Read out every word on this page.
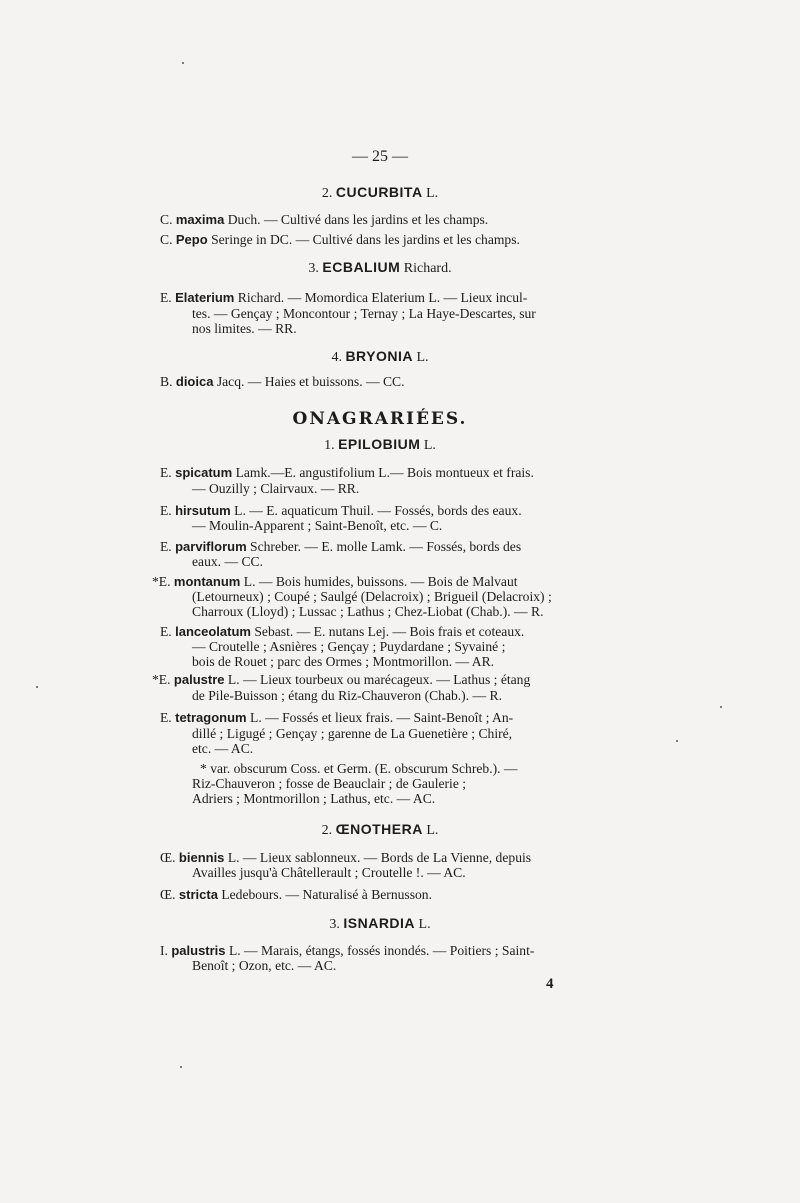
— 25 —
2. CUCURBITA L.
C. maxima Duch. — Cultivé dans les jardins et les champs.
C. Pepo Seringe in DC. — Cultivé dans les jardins et les champs.
3. ECBALIUM Richard.
E. Elaterium Richard. — Momordica Elaterium L. — Lieux incul-
tes. — Gençay ; Moncontour ; Ternay ; La Haye-Descartes, sur
nos limites. — RR.
4. BRYONIA L.
B. dioica Jacq. — Haies et buissons. — CC.
ONAGRARIÉES.
1. EPILOBIUM L.
E. spicatum Lamk.—E. angustifolium L.— Bois montueux et frais.
— Ouzilly ; Clairvaux. — RR.
E. hirsutum L. — E. aquaticum Thuil. — Fossés, bords des eaux.
— Moulin-Apparent ; Saint-Benoît, etc. — C.
E. parviflorum Schreber. — E. molle Lamk. — Fossés, bords des
eaux. — CC.
*E. montanum L. — Bois humides, buissons. — Bois de Malvaut
(Letourneux) ; Coupé ; Saulgé (Delacroix) ; Brigueil (Delacroix) ;
Charroux (Lloyd) ; Lussac ; Lathus ; Chez-Liobat (Chab.). — R.
E. lanceolatum Sebast. — E. nutans Lej. — Bois frais et coteaux.
— Croutelle ; Asnières ; Gençay ; Puydardane ; Syvainé ;
bois de Rouet ; parc des Ormes ; Montmorillon. — AR.
*E. palustre L. — Lieux tourbeux ou marécageux. — Lathus ; étang
de Pile-Buisson ; étang du Riz-Chauveron (Chab.). — R.
E. tetragonum L. — Fossés et lieux frais. — Saint-Benoît ; An-
dillé ; Ligugé ; Gençay ; garenne de La Guenetière ; Chiré,
etc. — AC.
* var. obscurum Coss. et Germ. (E. obscurum Schreb.). —
Riz-Chauveron ; fosse de Beauclair ; de Gaulerie ;
Adriers ; Montmorillon ; Lathus, etc. — AC.
2. ŒNOTHERA L.
Œ. biennis L. — Lieux sablonneux. — Bords de La Vienne, depuis
Availles jusqu'à Châtellerault ; Croutelle !. — AC.
Œ. stricta Ledebours. — Naturalisé à Bernusson.
3. ISNARDIA L.
I. palustris L. — Marais, étangs, fossés inondés. — Poitiers ; Saint-
Benoît ; Ozon, etc. — AC.
4
